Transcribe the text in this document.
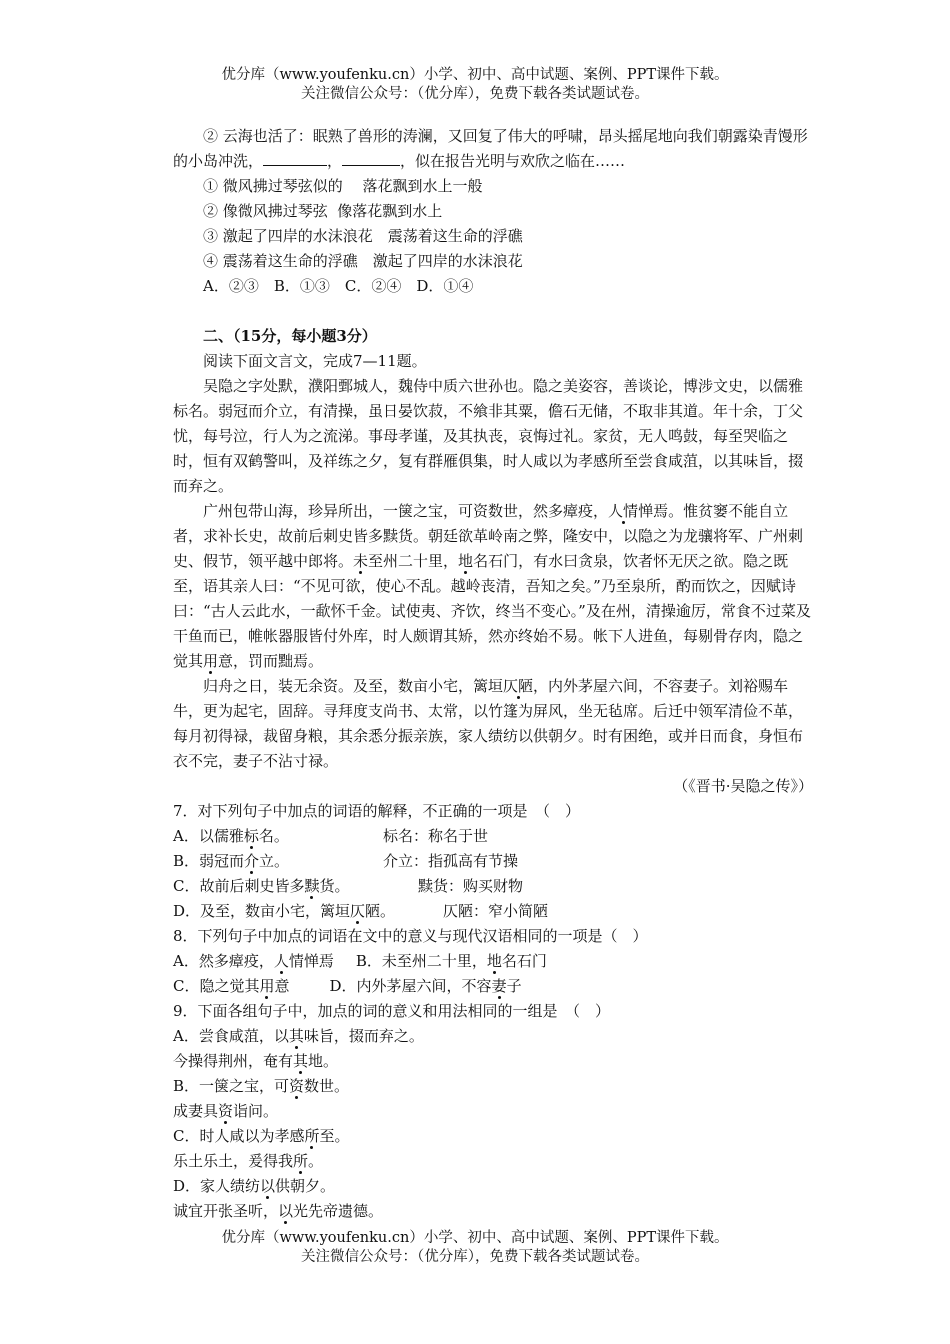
优分库（www.youfenku.cn）小学、初中、高中试题、案例、PPT课件下载。
关注微信公众号：（优分库），免费下载各类试题试卷。

② 云海也活了：眠熟了兽形的涛澜，又回复了伟大的呼啸，昂头摇尾地向我们朝露染青馒形的小岛冲洗，	，	，似在报告光明与欢欣之临在……

① 微风拂过琴弦似的　 落花飘到水上一般

② 像微风拂过琴弦  像落花飘到水上

③ 激起了四岸的水沫浪花　震荡着这生命的浮礁

④ 震荡着这生命的浮礁　激起了四岸的水沫浪花

A．②③　B．①③　C．②④　D．①④

二、（15分，每小题3分）

阅读下面文言文，完成7—11题。

吴隐之字处默，濮阳鄄城人，魏侍中质六世孙也。隐之美姿容，善谈论，博涉文史，以儒雅标名。弱冠而介立，有清操，虽日晏饮菽，不飨非其粟，儋石无储，不取非其道。年十余，丁父忧，每号泣，行人为之流涕。事母孝谨，及其执丧，哀悔过礼。家贫，无人鸣鼓，每至哭临之时，恒有双鹤警叫，及祥练之夕，复有群雁俱集，时人咸以为孝感所至尝食咸菹，以其味旨，掇而弃之。

广州包带山海，珍异所出，一箧之宝，可资数世，然多瘴疫，人情惮焉。惟贫窭不能自立者，求补长史，故前后刺史皆多黩货。朝廷欲革岭南之弊，隆安中，以隐之为龙骧将军、广州刺史、假节，领平越中郎将。未至州二十里，地名石门，有水曰贪泉，饮者怀无厌之欲。隐之既至，语其亲人曰：“不见可欲，使心不乱。越岭丧清，吾知之矣。”乃至泉所，酌而饮之，因赋诗曰：“古人云此水，一歃怀千金。试使夷、齐饮，终当不变心。”及在州，清操逾厉，常食不过菜及干鱼而已，帷帐器服皆付外库，时人颇谓其矫，然亦终始不易。帐下人进鱼，每剔骨存肉，隐之觉其用意，罚而黜焉。

归舟之日，装无余资。及至，数亩小宅，篱垣仄陋，内外茅屋六间，不容妻子。刘裕赐车牛，更为起宅，固辞。寻拜度支尚书、太常，以竹篷为屏风，坐无毡席。后迁中领军清俭不革，每月初得禄，裁留身粮，其余悉分振亲族，家人绩纺以供朝夕。时有困绝，或并日而食，身恒布衣不完，妻子不沾寸禄。

（《晋书·吴隐之传》）

7．对下列句子中加点的词语的解释，不正确的一项是　（　）

A．以儒雅标名。	标名：称名于世
B．弱冠而介立。	介立：指孤高有节操
C．故前后刺史皆多黩货。	黩货：购买财物
D．及至，数亩小宅，篱垣仄陋。	仄陋：窄小简陋

8．下列句子中加点的词语在文中的意义与现代汉语相同的一项是（　）

A．然多瘴疫，人情惮焉 B．未至州二十里，地名石门

C．隐之觉其用意	D．内外茅屋六间，不容妻子

9．下面各组句子中，加点的词的意义和用法相同的一组是　（　）

A．尝食咸菹，以其味旨，掇而弃之。

今操得荆州，奄有其地。

B．一箧之宝，可资数世。

成妻具资诣问。

C．时人咸以为孝感所至。

乐土乐土，爰得我所。

D．家人绩纺以供朝夕。

诚宜开张圣听，以光先帝遗德。

优分库（www.youfenku.cn）小学、初中、高中试题、案例、PPT课件下载。
关注微信公众号：（优分库），免费下载各类试题试卷。
